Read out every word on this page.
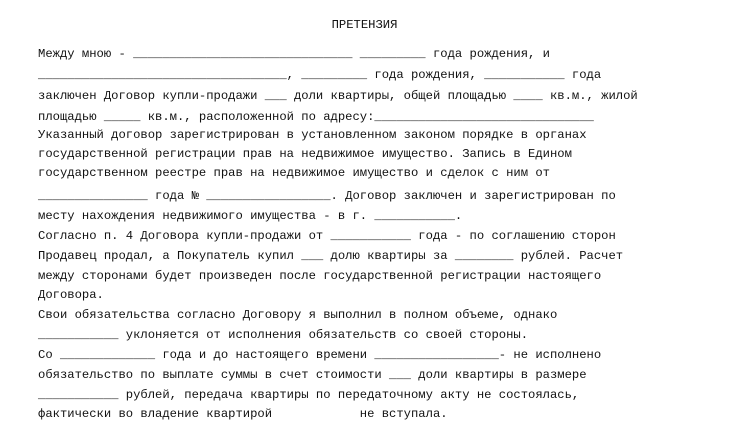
ПРЕТЕНЗИЯ
Между мною - ______________________________ _________ года рождения, и
__________________________________, _________ года рождения, ___________ года
заключен Договор купли-продажи ___ доли квартиры, общей площадью ____ кв.м., жилой
площадью _____ кв.м., расположенной по адресу:______________________________
Указанный договор зарегистрирован в установленном законом порядке в органах
государственной регистрации прав на недвижимое имущество. Запись в Едином
государственном реестре прав на недвижимое имущество и сделок с ним от
_______________ года № _________________. Договор заключен и зарегистрирован по
месту нахождения недвижимого имущества - в г. ___________.
Согласно п. 4 Договора купли-продажи от ___________ года - по соглашению сторон
Продавец продал, а Покупатель купил ___ долю квартиры за ________ рублей. Расчет
между сторонами будет произведен после государственной регистрации настоящего
Договора.
Свои обязательства согласно Договору я выполнил в полном объеме, однако
___________ уклоняется от исполнения обязательств со своей стороны.
Со _____________ года и до настоящего времени _________________- не исполнено
обязательство по выплате суммы в счет стоимости ___ доли квартиры в размере
___________ рублей, передача квартиры по передаточному акту не состоялась,
фактически во владение квартирой            не вступала.
